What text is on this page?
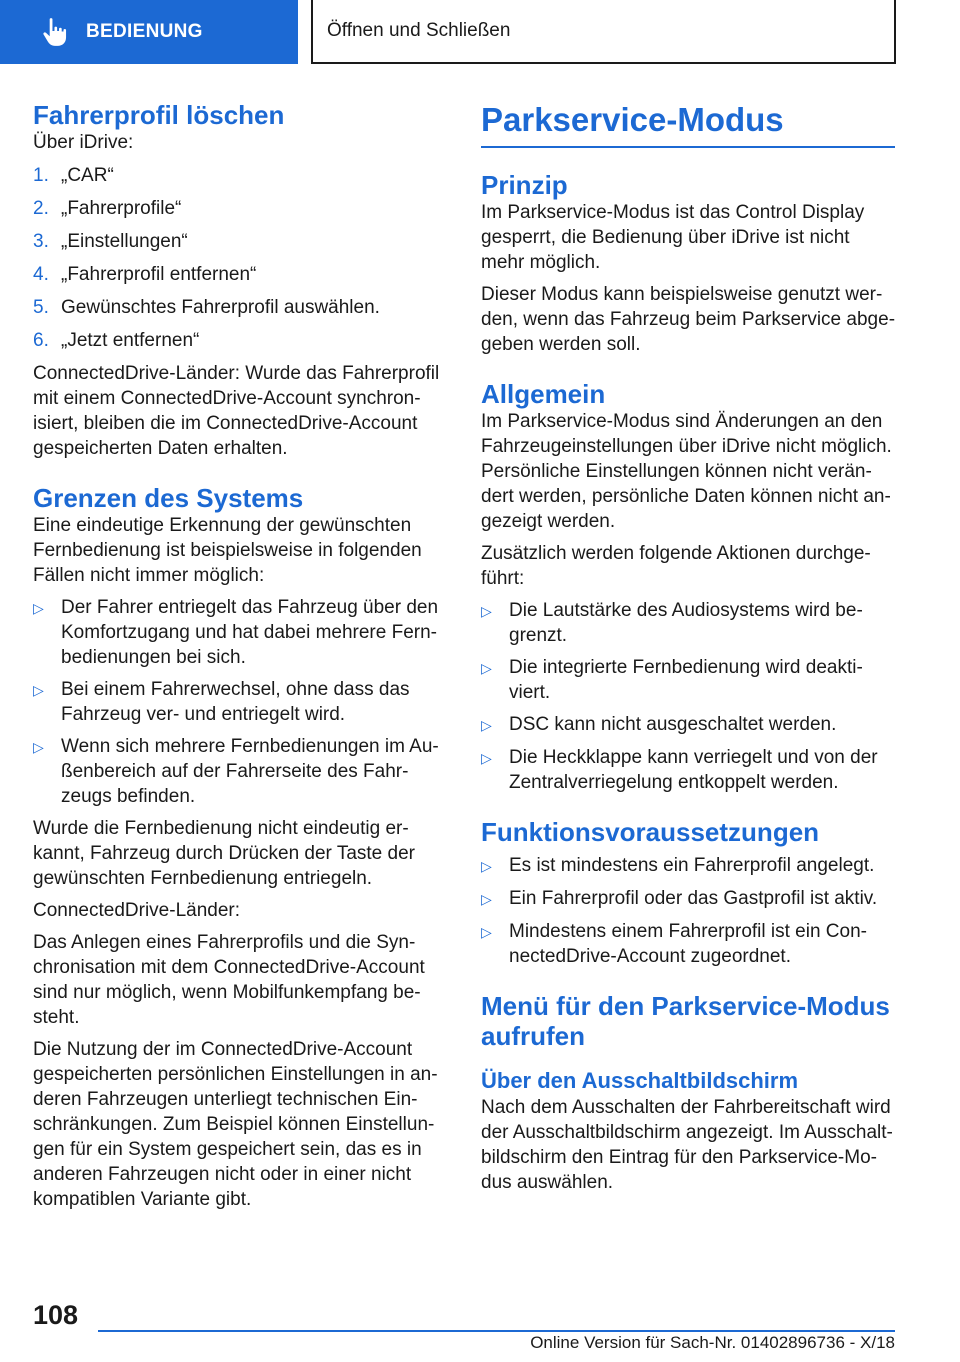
BEDIENUNG	Öffnen und Schließen
Fahrerprofil löschen

Über iDrive:

1. „CAR“
2. „Fahrerprofile“
3. „Einstellungen“
4. „Fahrerprofil entfernen“
5. Gewünschtes Fahrerprofil auswählen.
6. „Jetzt entfernen“

ConnectedDrive-Länder: Wurde das Fahrerprofil mit einem ConnectedDrive-Account synchronisiert, bleiben die im ConnectedDrive-Account gespeicherten Daten erhalten.

Grenzen des Systems

Eine eindeutige Erkennung der gewünschten Fernbedienung ist beispielsweise in folgenden Fällen nicht immer möglich:

▷ Der Fahrer entriegelt das Fahrzeug über den Komfortzugang und hat dabei mehrere Fernbedienungen bei sich.
▷ Bei einem Fahrerwechsel, ohne dass das Fahrzeug ver- und entriegelt wird.
▷ Wenn sich mehrere Fernbedienungen im Außenbereich auf der Fahrerseite des Fahrzeugs befinden.

Wurde die Fernbedienung nicht eindeutig erkannt, Fahrzeug durch Drücken der Taste der gewünschten Fernbedienung entriegeln.

ConnectedDrive-Länder:

Das Anlegen eines Fahrerprofils und die Synchronisation mit dem ConnectedDrive-Account sind nur möglich, wenn Mobilfunkempfang besteht.

Die Nutzung der im ConnectedDrive-Account gespeicherten persönlichen Einstellungen in anderen Fahrzeugen unterliegt technischen Einschränkungen. Zum Beispiel können Einstellungen für ein System gespeichert sein, das es in anderen Fahrzeugen nicht oder in einer nicht kompatiblen Variante gibt.

Parkservice-Modus
Prinzip

Im Parkservice-Modus ist das Control Display gesperrt, die Bedienung über iDrive ist nicht mehr möglich.

Dieser Modus kann beispielsweise genutzt werden, wenn das Fahrzeug beim Parkservice abgegeben werden soll.

Allgemein

Im Parkservice-Modus sind Änderungen an den Fahrzeugeinstellungen über iDrive nicht möglich. Persönliche Einstellungen können nicht verändert werden, persönliche Daten können nicht angezeigt werden.

Zusätzlich werden folgende Aktionen durchgeführt:

▷ Die Lautstärke des Audiosystems wird begrenzt.
▷ Die integrierte Fernbedienung wird deaktiviert.
▷ DSC kann nicht ausgeschaltet werden.
▷ Die Heckklappe kann verriegelt und von der Zentralverriegelung entkoppelt werden.
Funktionsvoraussetzungen
▷ Es ist mindestens ein Fahrerprofil angelegt.
▷ Ein Fahrerprofil oder das Gastprofil ist aktiv.
▷ Mindestens einem Fahrerprofil ist ein ConnectedDrive-Account zugeordnet.
Menü für den Parkservice-Modus aufrufen
Über den Ausschaltbildschirm

Nach dem Ausschalten der Fahrbereitschaft wird der Ausschaltbildschirm angezeigt. Im Ausschaltbildschirm den Eintrag für den Parkservice-Modus auswählen.

108
Online Version für Sach-Nr. 01402896736 - X/18
